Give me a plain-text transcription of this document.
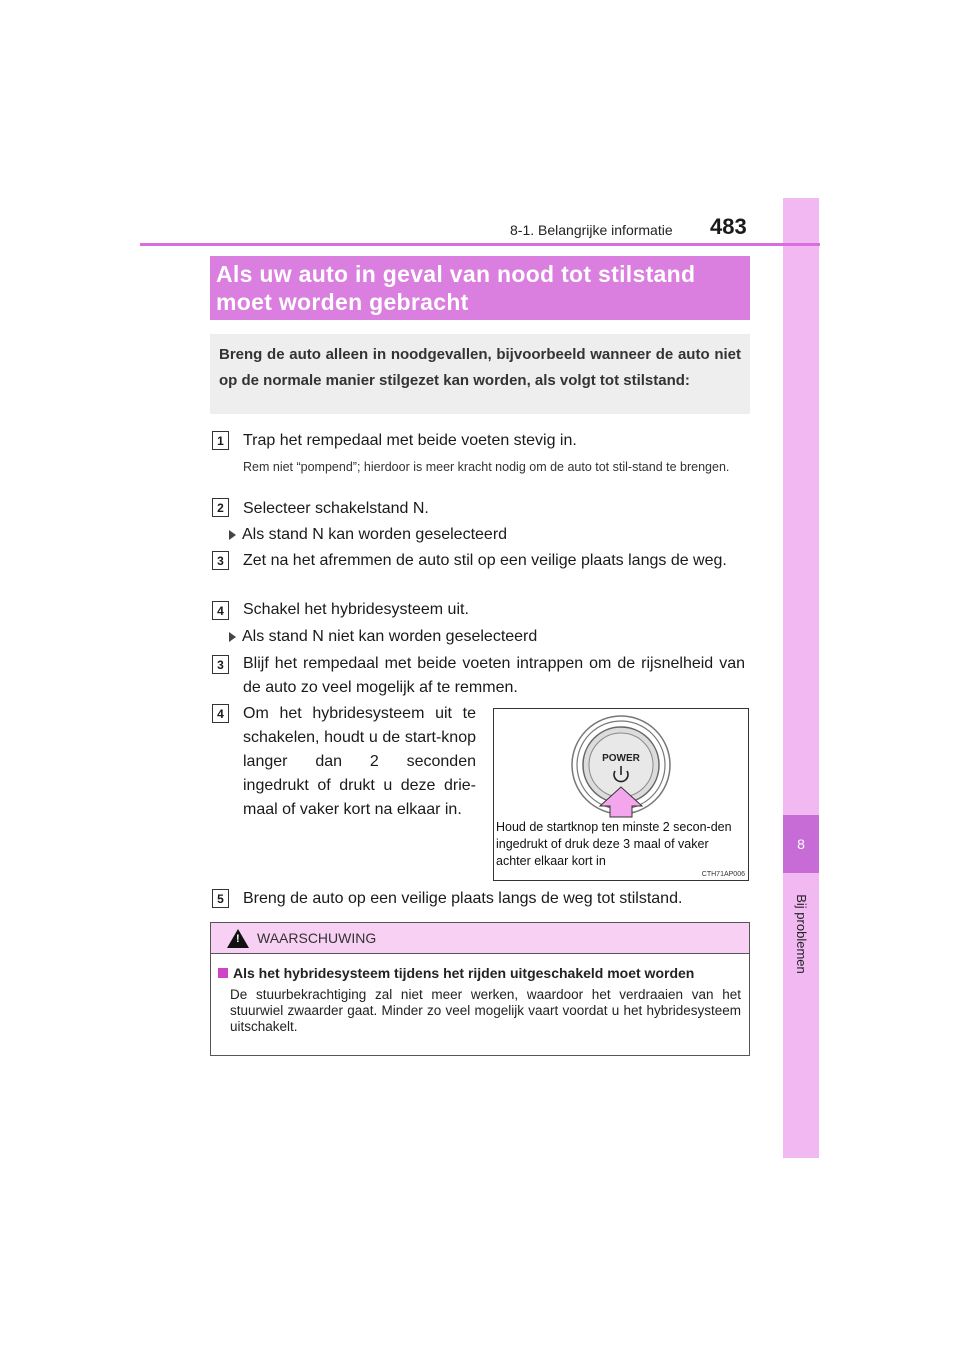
8
Bij problemen
8-1. Belangrijke informatie 483
Als uw auto in geval van nood tot stilstand moet worden gebracht
Breng de auto alleen in noodgevallen, bijvoorbeeld wanneer de auto niet op de normale manier stilgezet kan worden, als volgt tot stilstand:
1	Trap het rempedaal met beide voeten stevig in.
Rem niet “pompend”; hierdoor is meer kracht nodig om de auto tot stil-stand te brengen.
2	Selecteer schakelstand N.
Als stand N kan worden geselecteerd
3	Zet na het afremmen de auto stil op een veilige plaats langs de weg.
4	Schakel het hybridesysteem uit.
Als stand N niet kan worden geselecteerd
3	Blijf het rempedaal met beide voeten intrappen om de rijsnelheid van de auto zo veel mogelijk af te remmen.
4	Om het hybridesysteem uit te schakelen, houdt u de start-knop langer dan 2 seconden ingedrukt of drukt u deze drie-maal of vaker kort na elkaar in.
POWER
Houd de startknop ten minste 2 secon-den ingedrukt of druk deze 3 maal of vaker achter elkaar kort in
CTH71AP006
5	Breng de auto op een veilige plaats langs de weg tot stilstand.
! WAARSCHUWING
Als het hybridesysteem tijdens het rijden uitgeschakeld moet worden
De stuurbekrachtiging zal niet meer werken, waardoor het verdraaien van het stuurwiel zwaarder gaat. Minder zo veel mogelijk vaart voordat u het hybridesysteem uitschakelt.
